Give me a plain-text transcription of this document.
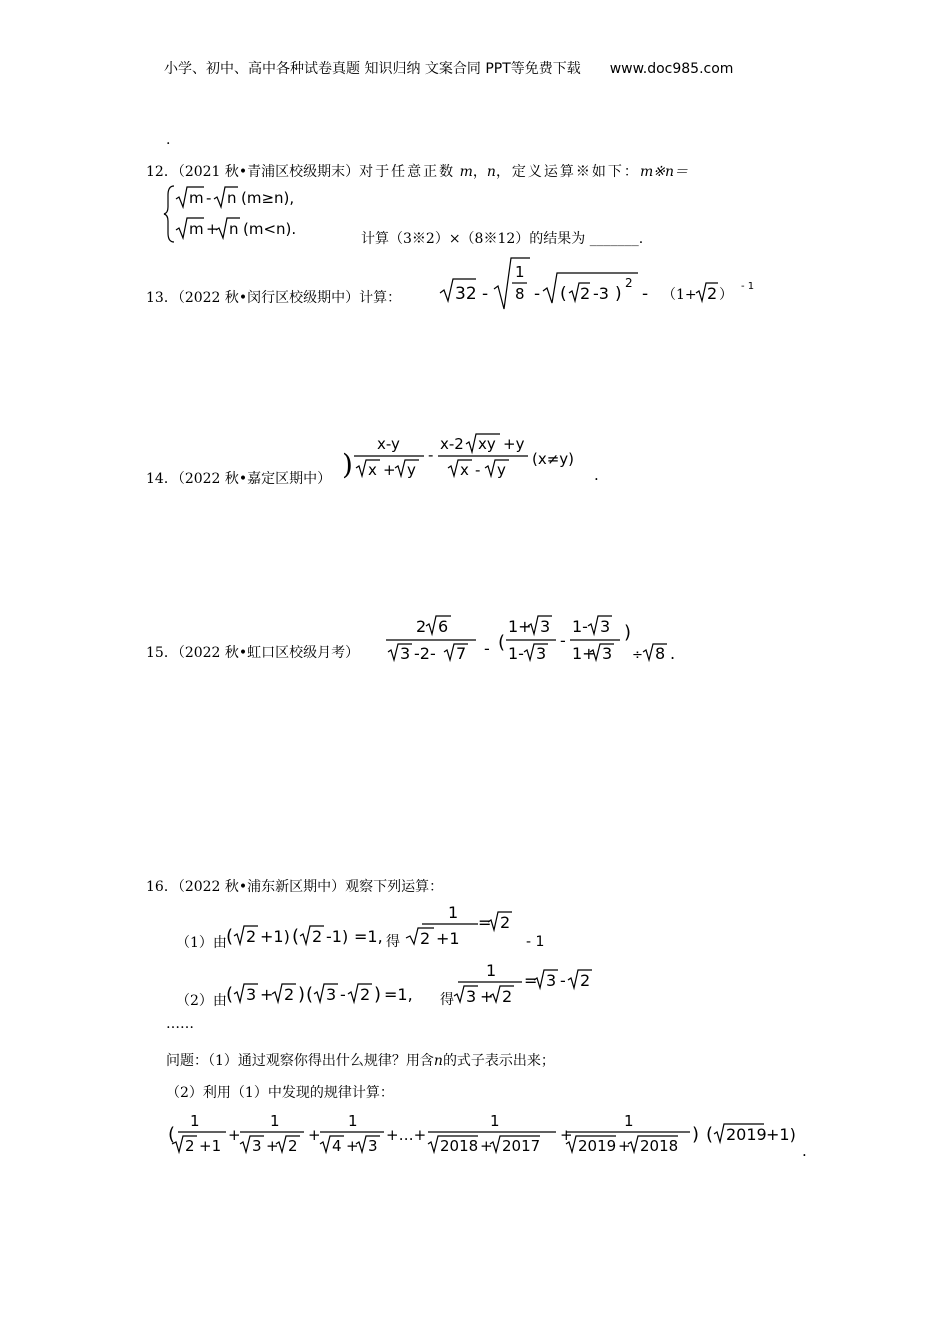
小学、初中、高中各种试卷真题 知识归纳 文案合同 PPT等免费下载 www.doc985.com
.
12．（2021 秋•青浦区校级期末）对于任意正数 m，n，定义运算※如下：m※n＝
m - n (m≥n),
m + n (m<n).
计算（3※2）×（8※12）的结果为 _______.
13．（2022 秋•闵行区校级期中）计算：	32 -
1
8 - ( 2 -3 )
2
- （1+ 2 ）
- 1
14．（2022 秋•嘉定区期中） )
x-y
x + y
-
x-2 xy +y
x - y
(x≠y)
.
15．（2022 秋•虹口区校级月考）
2 6
3 -2- 7 - (
1+ 3
1- 3
-
1- 3
1+ 3
)
÷ 8 .
16．（2022 秋•浦东新区期中）观察下列运算：
（1）由 ( 2 +1) ( 2 -1) =1, 得
1
2 +1
= 2
- 1
（2）由 ( 3 + 2 ) ( 3 - 2 ) =1, 得
1
3 + 2
= 3 - 2
……
问题：（1）通过观察你得出什么规律？用含n的式子表示出来；
（2）利用（1）中发现的规律计算：
(
1
2 +1
+
1
3 + 2
+
1
4 + 3
+…+
1
2018 + 2017
+
1
2019 + 2018
) ( 2019 +1)
.
